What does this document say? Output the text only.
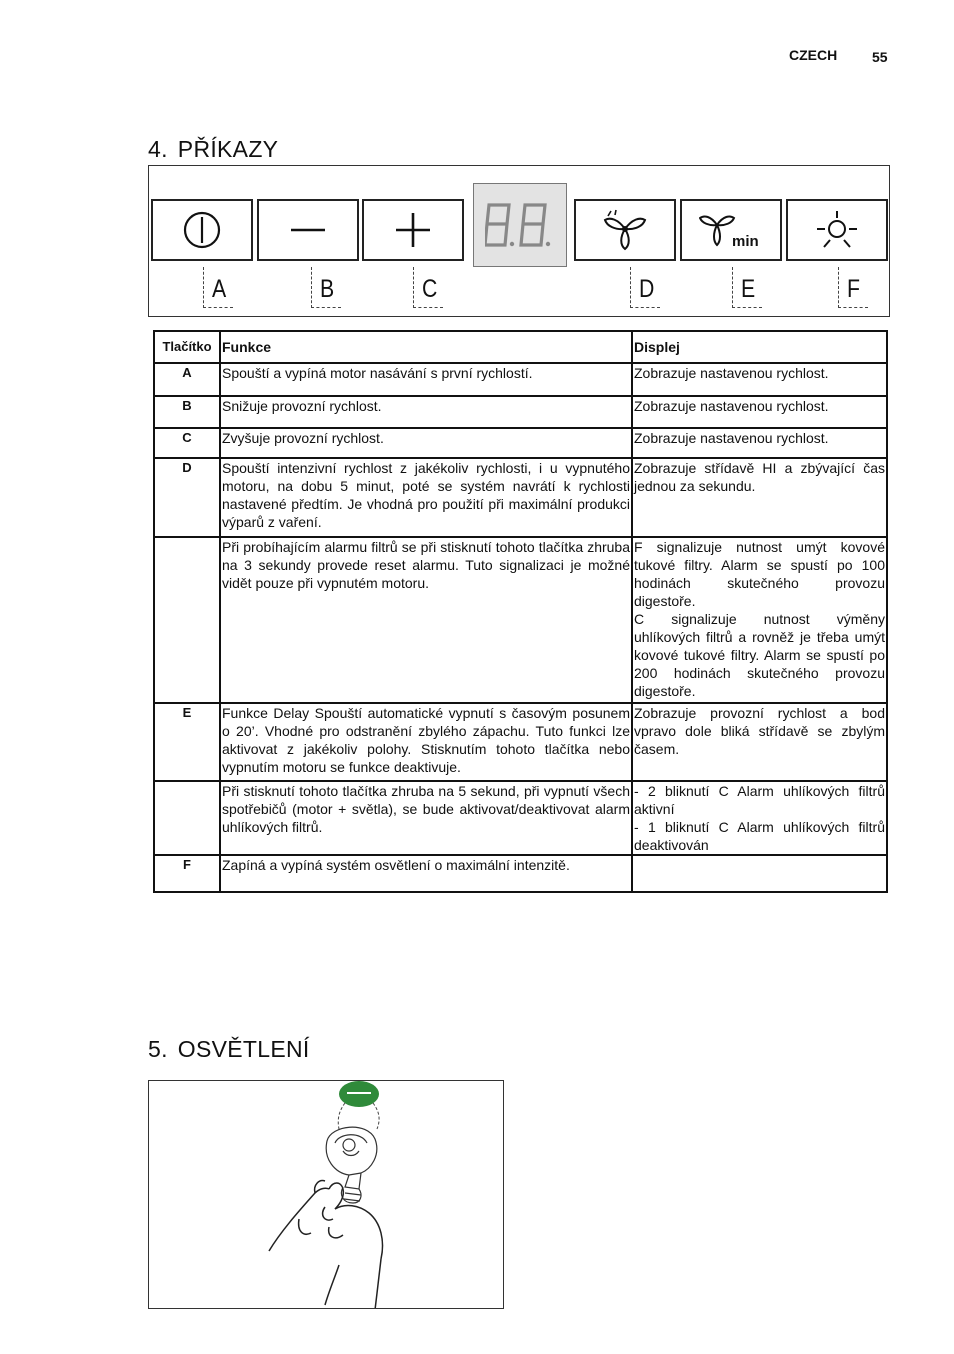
CZECH 55
4. PŘÍKAZY
min
A	B	C	D	E	F
Tlačítko	Funkce	Displej
A	Spouští a vypíná motor nasávání s první rychlostí.	Zobrazuje nastavenou rychlost.
B	Snižuje provozní rychlost.	Zobrazuje nastavenou rychlost.
C	Zvyšuje provozní rychlost.	Zobrazuje nastavenou rychlost.
D	Spouští intenzivní rychlost z jakékoliv rychlosti, i u vypnutého motoru, na dobu 5 minut, poté se systém navrátí k rychlosti nastavené předtím. Je vhodná pro použití při maximální produkci výparů z vaření.	Zobrazuje střídavě HI a zbývající čas jednou za sekundu.
	Při probíhajícím alarmu filtrů se při stisknutí tohoto tlačítka zhruba na 3 sekundy provede reset alarmu. Tuto signalizaci je možné vidět pouze při vypnutém motoru.	F signalizuje nutnost umýt kovové tukové filtry. Alarm se spustí po 100 hodinách skutečného provozu digestoře.
C signalizuje nutnost výměny uhlíkových filtrů a rovněž je třeba umýt kovové tukové filtry. Alarm se spustí po 200 hodinách skutečného provozu digestoře.
E	Funkce Delay Spouští automatické vypnutí s časovým posunem o 20’. Vhodné pro odstranění zbylého zápachu. Tuto funkci lze aktivovat z jakékoliv polohy. Stisknutím tohoto tlačítka nebo vypnutím motoru se funkce deaktivuje.	Zobrazuje provozní rychlost a bod vpravo dole bliká střídavě se zbylým časem.
	Při stisknutí tohoto tlačítka zhruba na 5 sekund, při vypnutí všech spotřebičů (motor + světla), se bude aktivovat/deaktivovat alarm uhlíkových filtrů.	- 2 bliknutí C Alarm uhlíkových filtrů aktivní
- 1 bliknutí C Alarm uhlíkových filtrů deaktivován
F	Zapíná a vypíná systém osvětlení o maximální intenzitě.	
5. OSVĚTLENÍ
